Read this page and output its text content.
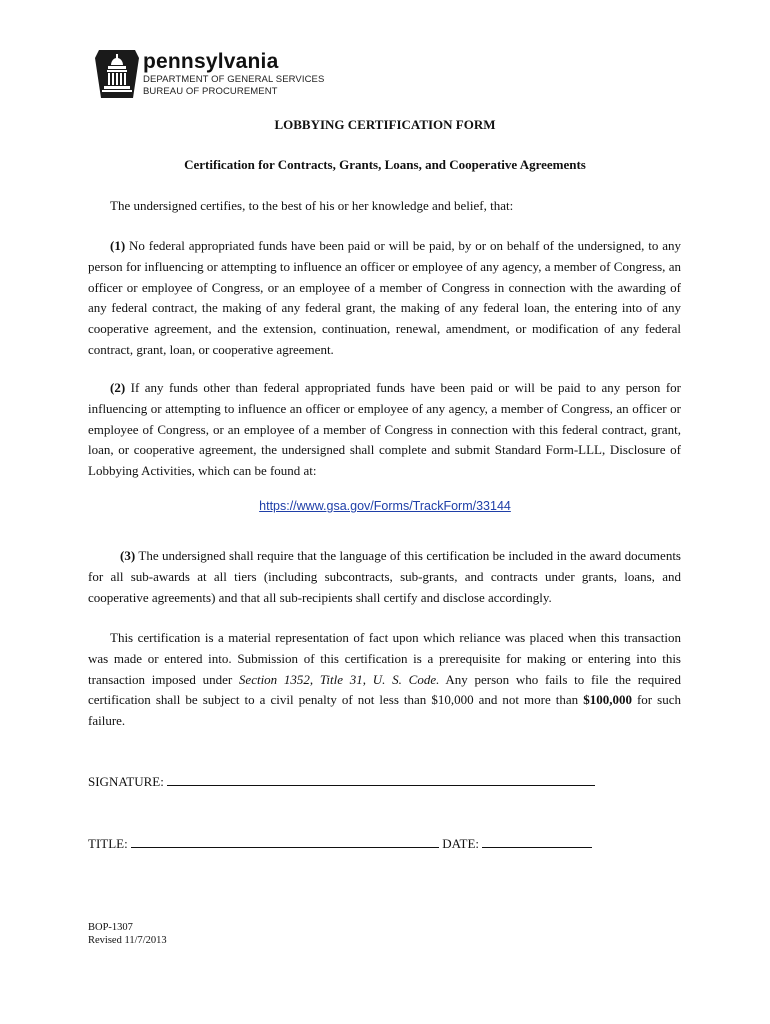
pennsylvania
DEPARTMENT OF GENERAL SERVICES
BUREAU OF PROCUREMENT
LOBBYING CERTIFICATION FORM
Certification for Contracts, Grants, Loans, and Cooperative Agreements
The undersigned certifies, to the best of his or her knowledge and belief, that:
(1) No federal appropriated funds have been paid or will be paid, by or on behalf of the undersigned, to any person for influencing or attempting to influence an officer or employee of any agency, a member of Congress, an officer or employee of Congress, or an employee of a member of Congress in connection with the awarding of any federal contract, the making of any federal grant, the making of any federal loan, the entering into of any cooperative agreement, and the extension, continuation, renewal, amendment, or modification of any federal contract, grant, loan, or cooperative agreement.
(2) If any funds other than federal appropriated funds have been paid or will be paid to any person for influencing or attempting to influence an officer or employee of any agency, a member of Congress, an officer or employee of Congress, or an employee of a member of Congress in connection with this federal contract, grant, loan, or cooperative agreement, the undersigned shall complete and submit Standard Form-LLL, Disclosure of Lobbying Activities, which can be found at:
https://www.gsa.gov/Forms/TrackForm/33144
(3) The undersigned shall require that the language of this certification be included in the award documents for all sub-awards at all tiers (including subcontracts, sub-grants, and contracts under grants, loans, and cooperative agreements) and that all sub-recipients shall certify and disclose accordingly.
This certification is a material representation of fact upon which reliance was placed when this transaction was made or entered into. Submission of this certification is a prerequisite for making or entering into this transaction imposed under Section 1352, Title 31, U. S. Code. Any person who fails to file the required certification shall be subject to a civil penalty of not less than $10,000 and not more than $100,000 for such failure.
SIGNATURE:
TITLE:	DATE:
BOP-1307
Revised 11/7/2013
